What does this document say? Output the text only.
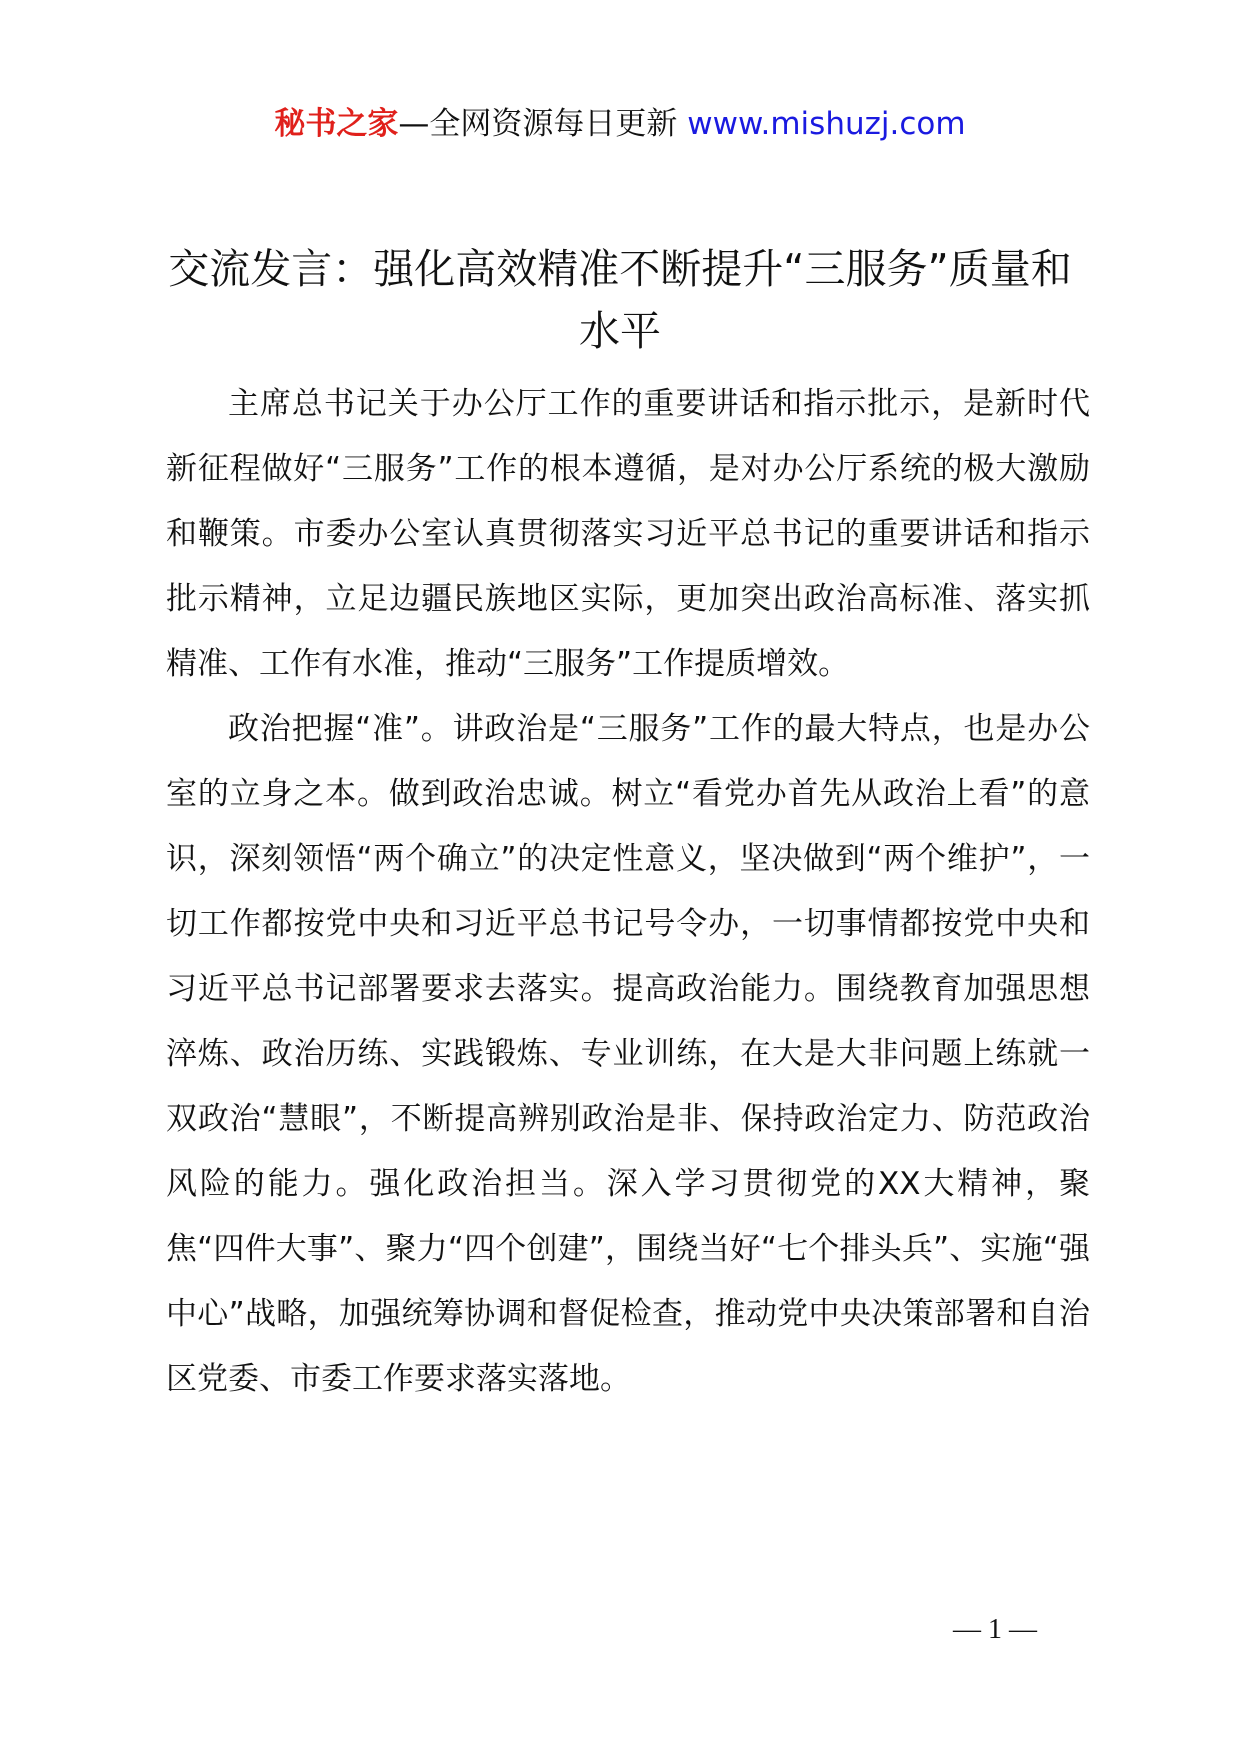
秘书之家—全网资源每日更新 www.mishuzj.com
交流发言：强化高效精准不断提升“三服务”质量和水平

主席总书记关于办公厅工作的重要讲话和指示批示，是新时代新征程做好“三服务”工作的根本遵循，是对办公厅系统的极大激励和鞭策。市委办公室认真贯彻落实习近平总书记的重要讲话和指示批示精神，立足边疆民族地区实际，更加突出政治高标准、落实抓精准、工作有水准，推动“三服务”工作提质增效。

政治把握“准”。讲政治是“三服务”工作的最大特点，也是办公室的立身之本。做到政治忠诚。树立“看党办首先从政治上看”的意识，深刻领悟“两个确立”的决定性意义，坚决做到“两个维护”，一切工作都按党中央和习近平总书记号令办，一切事情都按党中央和习近平总书记部署要求去落实。提高政治能力。围绕教育加强思想淬炼、政治历练、实践锻炼、专业训练，在大是大非问题上练就一双政治“慧眼”，不断提高辨别政治是非、保持政治定力、防范政治风险的能力。强化政治担当。深入学习贯彻党的XX大精神，聚焦“四件大事”、聚力“四个创建”，围绕当好“七个排头兵”、实施“强中心”战略，加强统筹协调和督促检查，推动党中央决策部署和自治区党委、市委工作要求落实落地。

— 1 —
